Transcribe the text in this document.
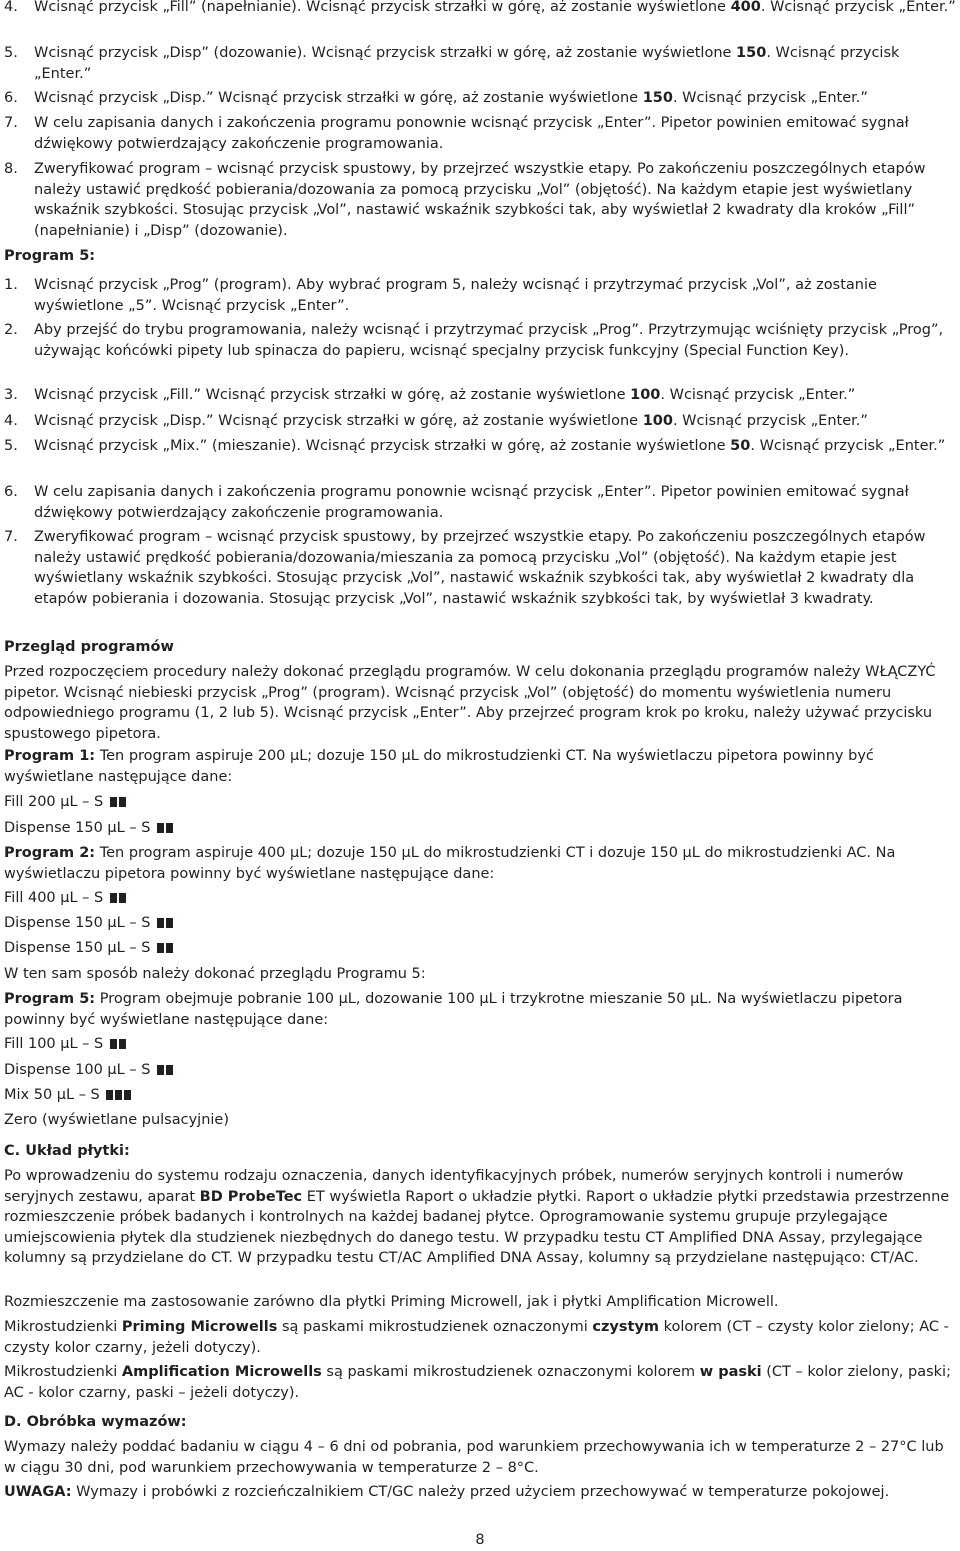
4. Wcisnąć przycisk „Fill” (napełnianie). Wcisnąć przycisk strzałki w górę, aż zostanie wyświetlone 400. Wcisnąć przycisk „Enter.”
5. Wcisnąć przycisk „Disp” (dozowanie). Wcisnąć przycisk strzałki w górę, aż zostanie wyświetlone 150. Wcisnąć przycisk „Enter.”
6. Wcisnąć przycisk „Disp.” Wcisnąć przycisk strzałki w górę, aż zostanie wyświetlone 150. Wcisnąć przycisk „Enter.”
7. W celu zapisania danych i zakończenia programu ponownie wcisnąć przycisk „Enter”. Pipetor powinien emitować sygnał dźwiękowy potwierdzający zakończenie programowania.
8. Zweryfikować program – wcisnąć przycisk spustowy, by przejrzeć wszystkie etapy. Po zakończeniu poszczególnych etapów należy ustawić prędkość pobierania/dozowania za pomocą przycisku „Vol” (objętość). Na każdym etapie jest wyświetlany wskaźnik szybkości. Stosując przycisk „Vol”, nastawić wskaźnik szybkości tak, aby wyświetlał 2 kwadraty dla kroków „Fill” (napełnianie) i „Disp” (dozowanie).
Program 5:
1. Wcisnąć przycisk „Prog” (program). Aby wybrać program 5, należy wcisnąć i przytrzymać przycisk „Vol”, aż zostanie wyświetlone „5”. Wcisnąć przycisk „Enter”.
2. Aby przejść do trybu programowania, należy wcisnąć i przytrzymać przycisk „Prog”. Przytrzymując wciśnięty przycisk „Prog”, używając końcówki pipety lub spinacza do papieru, wcisnąć specjalny przycisk funkcyjny (Special Function Key).
3. Wcisnąć przycisk „Fill.” Wcisnąć przycisk strzałki w górę, aż zostanie wyświetlone 100. Wcisnąć przycisk „Enter.”
4. Wcisnąć przycisk „Disp.” Wcisnąć przycisk strzałki w górę, aż zostanie wyświetlone 100. Wcisnąć przycisk „Enter.”
5. Wcisnąć przycisk „Mix.” (mieszanie). Wcisnąć przycisk strzałki w górę, aż zostanie wyświetlone 50. Wcisnąć przycisk „Enter.”
6. W celu zapisania danych i zakończenia programu ponownie wcisnąć przycisk „Enter”. Pipetor powinien emitować sygnał dźwiękowy potwierdzający zakończenie programowania.
7. Zweryfikować program – wcisnąć przycisk spustowy, by przejrzeć wszystkie etapy. Po zakończeniu poszczególnych etapów należy ustawić prędkość pobierania/dozowania/mieszania za pomocą przycisku „Vol” (objętość). Na każdym etapie jest wyświetlany wskaźnik szybkości. Stosując przycisk „Vol”, nastawić wskaźnik szybkości tak, aby wyświetlał 2 kwadraty dla etapów pobierania i dozowania. Stosując przycisk „Vol”, nastawić wskaźnik szybkości tak, by wyświetlał 3 kwadraty.
Przegląd programów
Przed rozpoczęciem procedury należy dokonać przeglądu programów. W celu dokonania przeglądu programów należy WŁĄCZYĆ pipetor. Wcisnąć niebieski przycisk „Prog” (program). Wcisnąć przycisk „Vol” (objętość) do momentu wyświetlenia numeru odpowiedniego programu (1, 2 lub 5). Wcisnąć przycisk „Enter”. Aby przejrzeć program krok po kroku, należy używać przycisku spustowego pipetora.
Program 1: Ten program aspiruje 200 µL; dozuje 150 µL do mikrostudzienki CT. Na wyświetlaczu pipetora powinny być wyświetlane następujące dane:
Fill 200 µL – S
Dispense 150 µL – S
Program 2: Ten program aspiruje 400 µL; dozuje 150 µL do mikrostudzienki CT i dozuje 150 µL do mikrostudzienki AC. Na wyświetlaczu pipetora powinny być wyświetlane następujące dane:
Fill 400 µL – S
Dispense 150 µL – S
Dispense 150 µL – S
W ten sam sposób należy dokonać przeglądu Programu 5:
Program 5: Program obejmuje pobranie 100 µL, dozowanie 100 µL i trzykrotne mieszanie 50 µL. Na wyświetlaczu pipetora powinny być wyświetlane następujące dane:
Fill 100 µL – S
Dispense 100 µL – S
Mix 50 µL – S
Zero (wyświetlane pulsacyjnie)
C. Układ płytki:
Po wprowadzeniu do systemu rodzaju oznaczenia, danych identyfikacyjnych próbek, numerów seryjnych kontroli i numerów seryjnych zestawu, aparat BD ProbeTec ET wyświetla Raport o układzie płytki. Raport o układzie płytki przedstawia przestrzenne rozmieszczenie próbek badanych i kontrolnych na każdej badanej płytce. Oprogramowanie systemu grupuje przylegające umiejscowienia płytek dla studzienek niezbędnych do danego testu. W przypadku testu CT Amplified DNA Assay, przylegające kolumny są przydzielane do CT. W przypadku testu CT/AC Amplified DNA Assay, kolumny są przydzielane następująco: CT/AC.
Rozmieszczenie ma zastosowanie zarówno dla płytki Priming Microwell, jak i płytki Amplification Microwell.
Mikrostudzienki Priming Microwells są paskami mikrostudzienek oznaczonymi czystym kolorem (CT – czysty kolor zielony; AC - czysty kolor czarny, jeżeli dotyczy).
Mikrostudzienki Amplification Microwells są paskami mikrostudzienek oznaczonymi kolorem w paski (CT – kolor zielony, paski; AC - kolor czarny, paski – jeżeli dotyczy).
D. Obróbka wymazów:
Wymazy należy poddać badaniu w ciągu 4 – 6 dni od pobrania, pod warunkiem przechowywania ich w temperaturze 2 – 27°C lub w ciągu 30 dni, pod warunkiem przechowywania w temperaturze 2 – 8°C.
UWAGA: Wymazy i probówki z rozcieńczalnikiem CT/GC należy przed użyciem przechowywać w temperaturze pokojowej.
8
